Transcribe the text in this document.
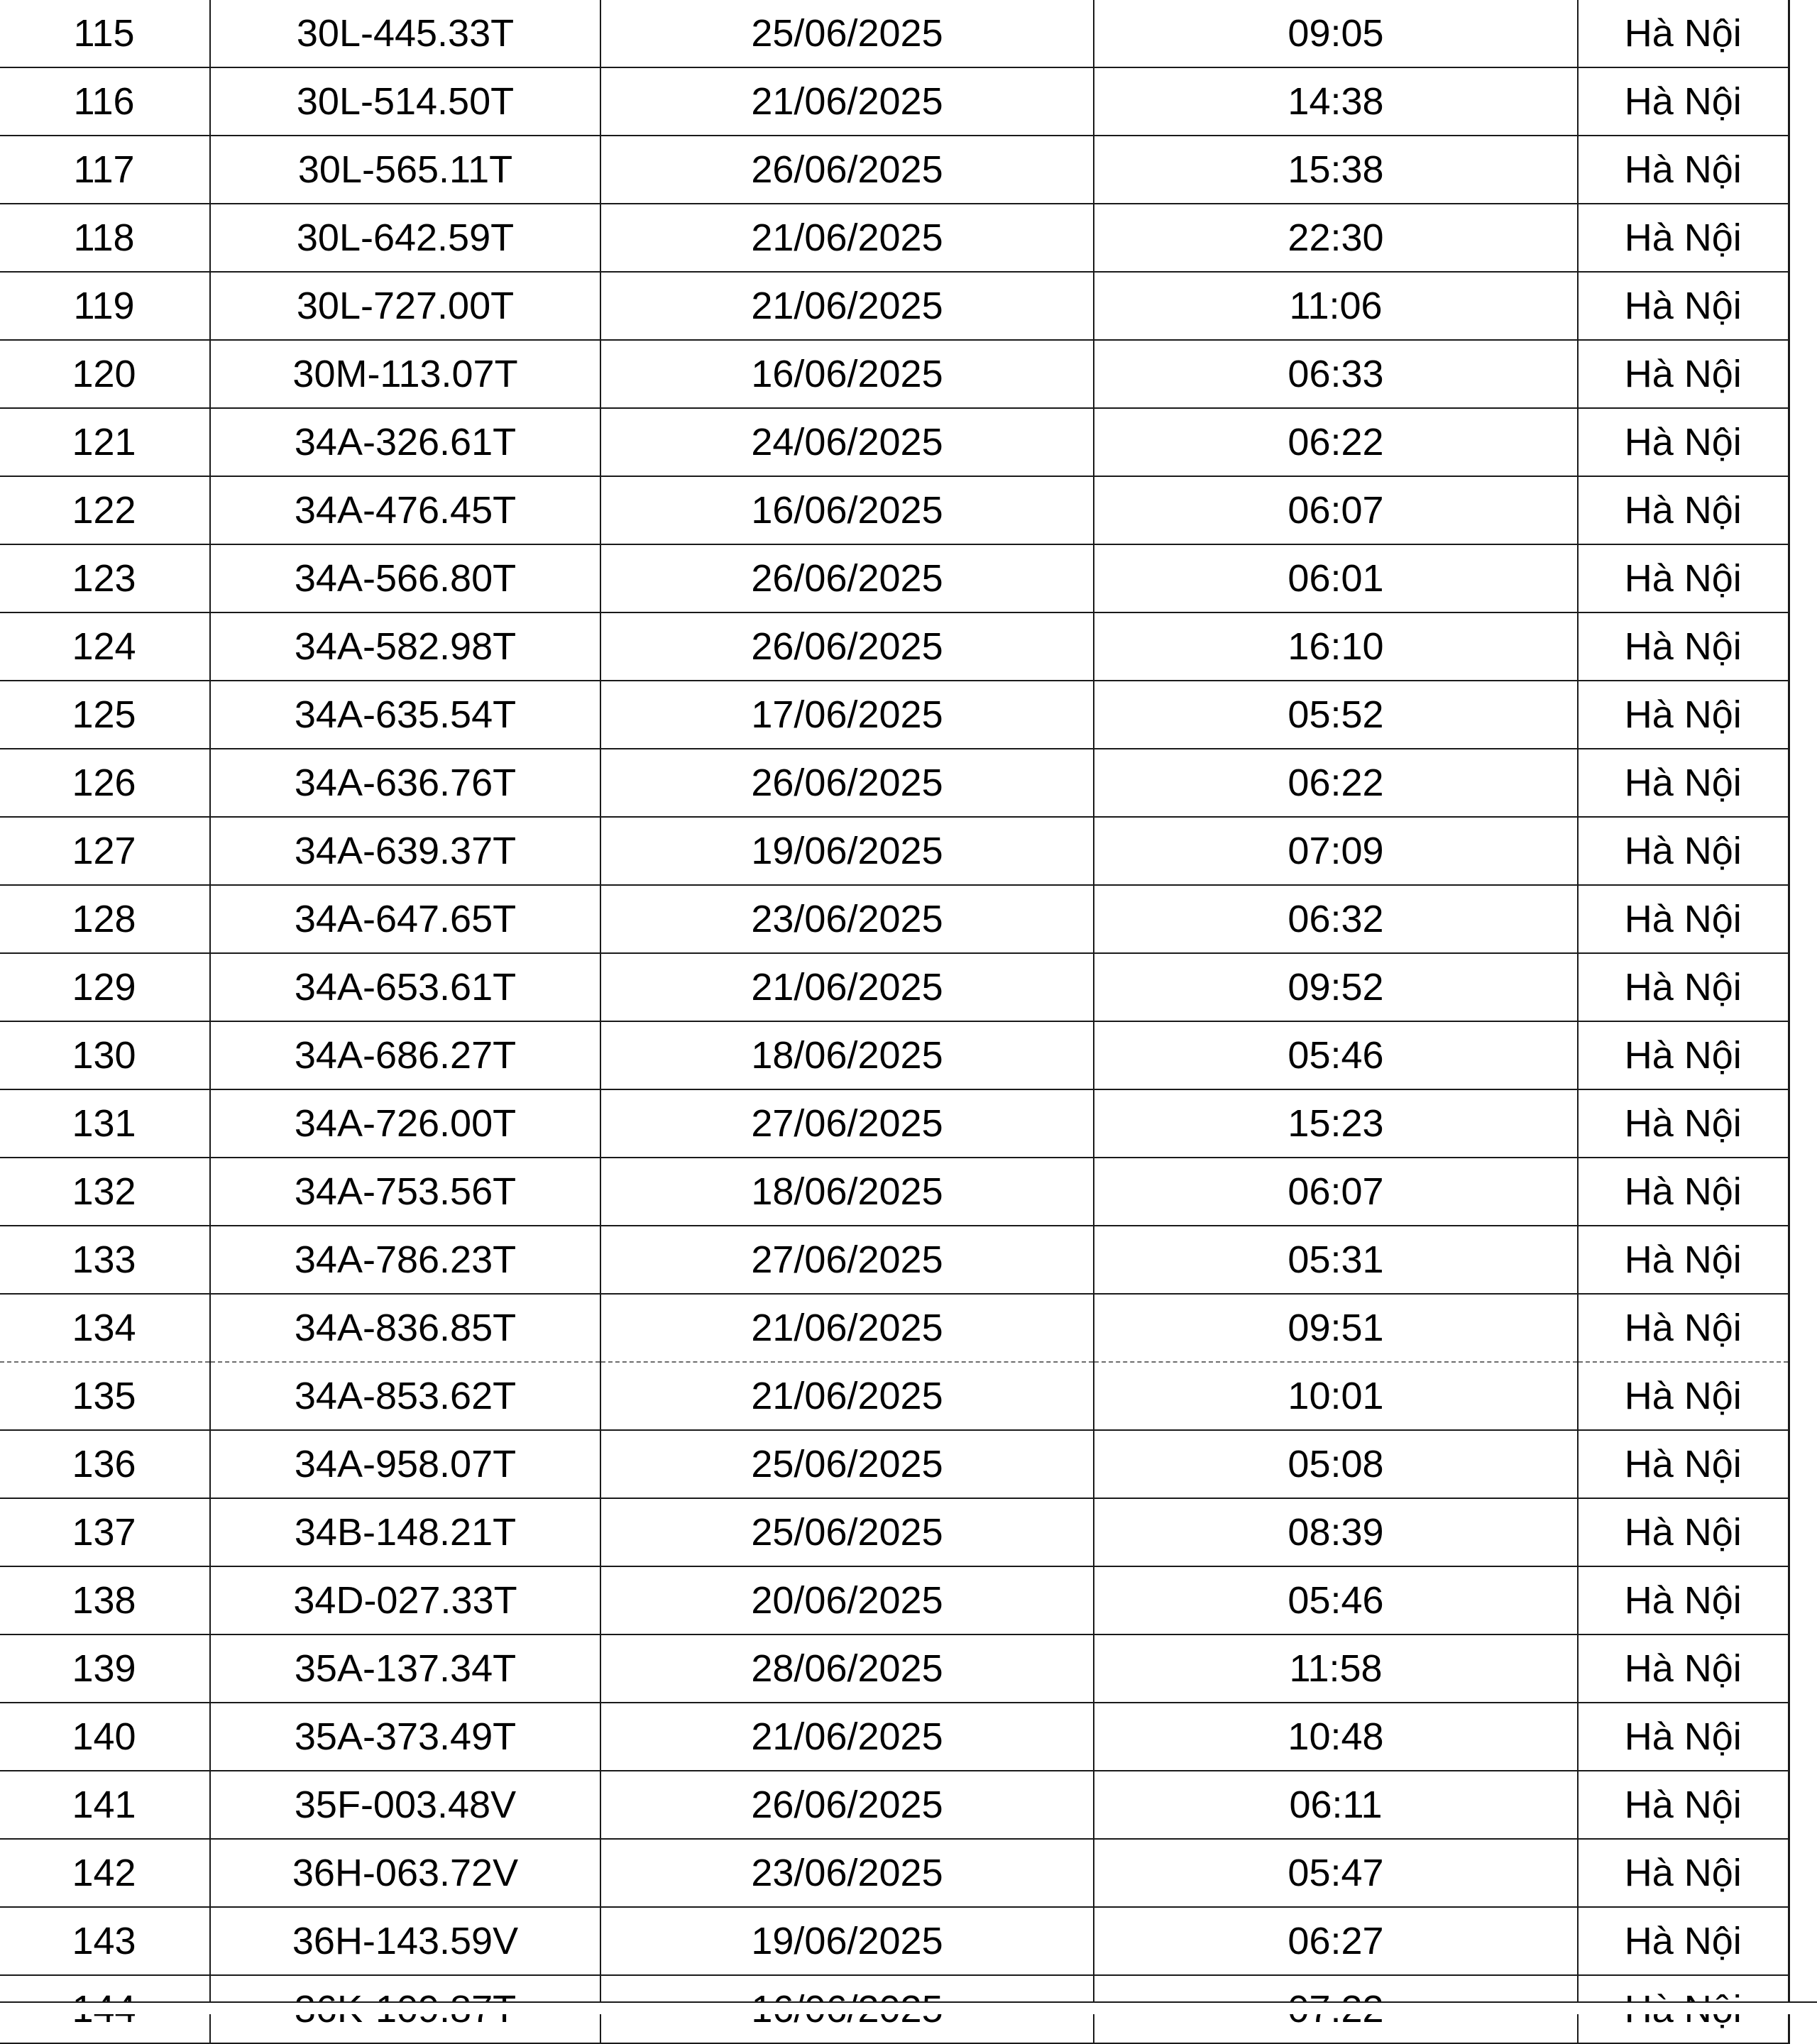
115	30L-445.33T	25/06/2025	09:05	Hà Nội
116	30L-514.50T	21/06/2025	14:38	Hà Nội
117	30L-565.11T	26/06/2025	15:38	Hà Nội
118	30L-642.59T	21/06/2025	22:30	Hà Nội
119	30L-727.00T	21/06/2025	11:06	Hà Nội
120	30M-113.07T	16/06/2025	06:33	Hà Nội
121	34A-326.61T	24/06/2025	06:22	Hà Nội
122	34A-476.45T	16/06/2025	06:07	Hà Nội
123	34A-566.80T	26/06/2025	06:01	Hà Nội
124	34A-582.98T	26/06/2025	16:10	Hà Nội
125	34A-635.54T	17/06/2025	05:52	Hà Nội
126	34A-636.76T	26/06/2025	06:22	Hà Nội
127	34A-639.37T	19/06/2025	07:09	Hà Nội
128	34A-647.65T	23/06/2025	06:32	Hà Nội
129	34A-653.61T	21/06/2025	09:52	Hà Nội
130	34A-686.27T	18/06/2025	05:46	Hà Nội
131	34A-726.00T	27/06/2025	15:23	Hà Nội
132	34A-753.56T	18/06/2025	06:07	Hà Nội
133	34A-786.23T	27/06/2025	05:31	Hà Nội
134	34A-836.85T	21/06/2025	09:51	Hà Nội
135	34A-853.62T	21/06/2025	10:01	Hà Nội
136	34A-958.07T	25/06/2025	05:08	Hà Nội
137	34B-148.21T	25/06/2025	08:39	Hà Nội
138	34D-027.33T	20/06/2025	05:46	Hà Nội
139	35A-137.34T	28/06/2025	11:58	Hà Nội
140	35A-373.49T	21/06/2025	10:48	Hà Nội
141	35F-003.48V	26/06/2025	06:11	Hà Nội
142	36H-063.72V	23/06/2025	05:47	Hà Nội
143	36H-143.59V	19/06/2025	06:27	Hà Nội
